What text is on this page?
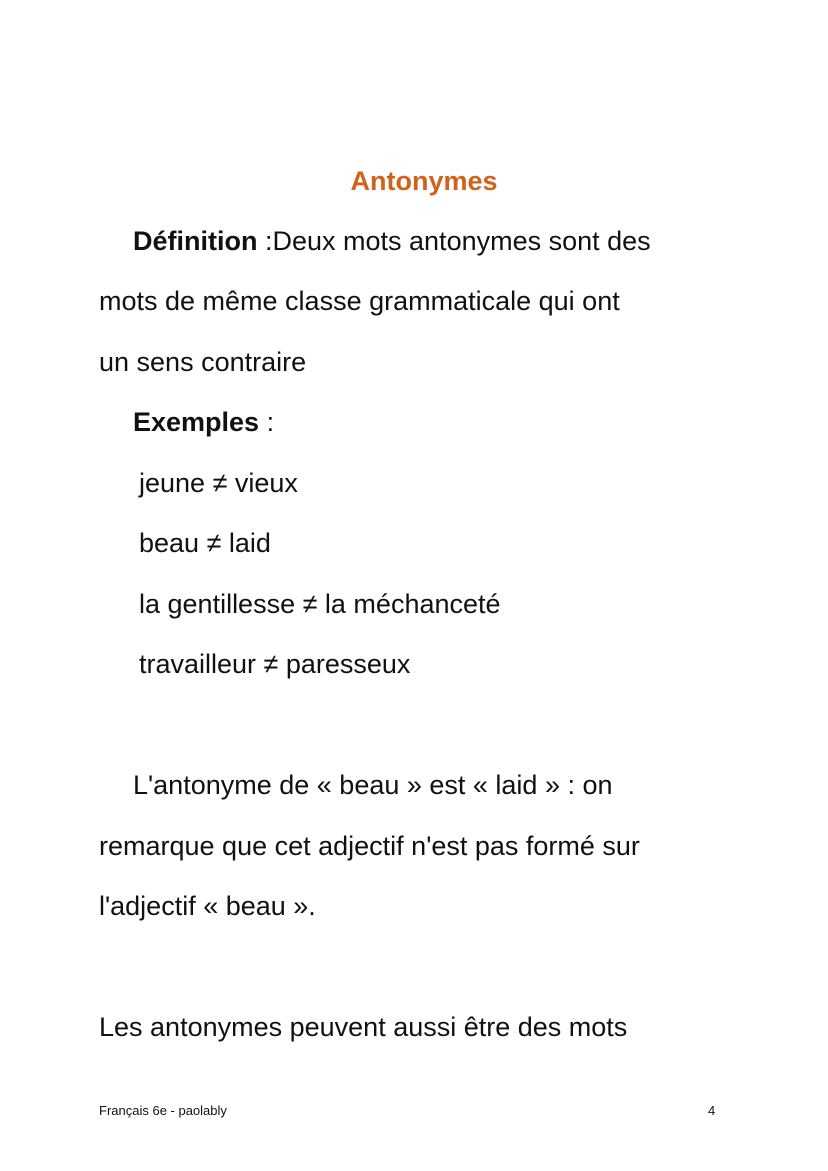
Antonymes
Définition :Deux mots antonymes sont des
mots de même classe grammaticale qui ont
un sens contraire
Exemples :
jeune ≠ vieux
beau ≠ laid
la gentillesse ≠ la méchanceté
travailleur ≠ paresseux
L'antonyme de « beau » est « laid » : on
remarque que cet adjectif n'est pas formé sur
l'adjectif « beau ».
Les antonymes peuvent aussi être des mots
Français 6e - paolably	4
